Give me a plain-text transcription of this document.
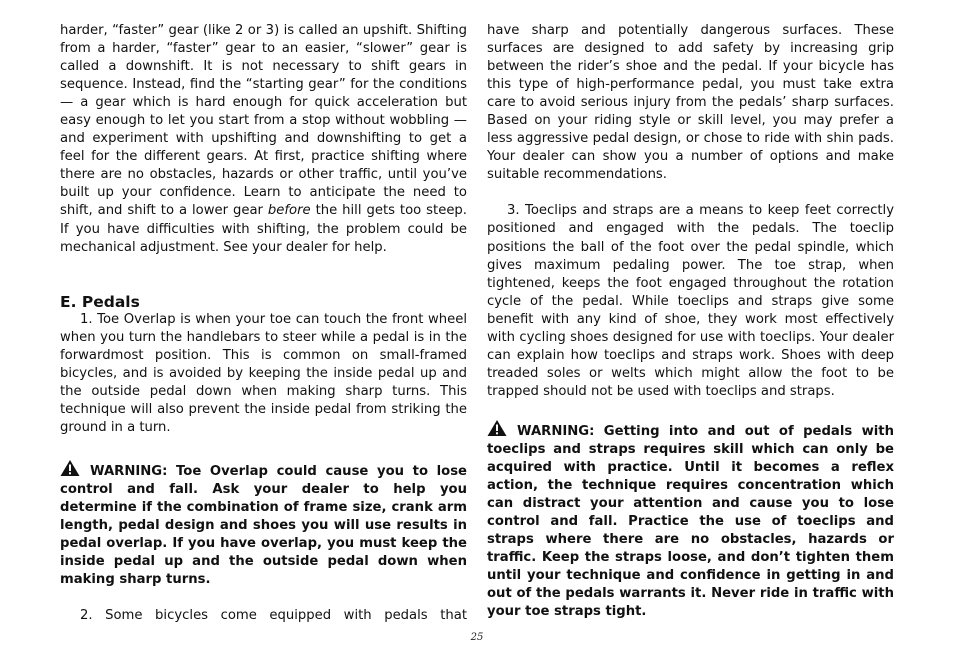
harder, “faster” gear (like 2 or 3) is called an upshift. Shifting from a harder, “faster” gear to an easier, “slower” gear is called a downshift. It is not necessary to shift gears in sequence. Instead, find the “starting gear” for the conditions — a gear which is hard enough for quick acceleration but easy enough to let you start from a stop without wobbling — and experiment with upshifting and downshifting to get a feel for the different gears. At first, practice shifting where there are no obstacles, hazards or other traffic, until you’ve built up your confidence. Learn to anticipate the need to shift, and shift to a lower gear before the hill gets too steep. If you have difficulties with shifting, the problem could be mechanical adjustment. See your dealer for help.

E. Pedals

1. Toe Overlap is when your toe can touch the front wheel when you turn the handlebars to steer while a pedal is in the forwardmost position. This is common on small-framed bicycles, and is avoided by keeping the inside pedal up and the outside pedal down when making sharp turns. This technique will also prevent the inside pedal from striking the ground in a turn.

WARNING: Toe Overlap could cause you to lose control and fall. Ask your dealer to help you determine if the combination of frame size, crank arm length, pedal design and shoes you will use results in pedal overlap. If you have overlap, you must keep the inside pedal up and the outside pedal down when making sharp turns.

2. Some bicycles come equipped with pedals that

have sharp and potentially dangerous surfaces. These surfaces are designed to add safety by increasing grip between the rider’s shoe and the pedal. If your bicycle has this type of high-performance pedal, you must take extra care to avoid serious injury from the pedals’ sharp surfaces. Based on your riding style or skill level, you may prefer a less aggressive pedal design, or chose to ride with shin pads. Your dealer can show you a number of options and make suitable recommendations.

3. Toeclips and straps are a means to keep feet correctly positioned and engaged with the pedals. The toeclip positions the ball of the foot over the pedal spindle, which gives maximum pedaling power. The toe strap, when tightened, keeps the foot engaged throughout the rotation cycle of the pedal. While toeclips and straps give some benefit with any kind of shoe, they work most effectively with cycling shoes designed for use with toeclips. Your dealer can explain how toeclips and straps work. Shoes with deep treaded soles or welts which might allow the foot to be trapped should not be used with toeclips and straps.

WARNING: Getting into and out of pedals with toeclips and straps requires skill which can only be acquired with practice. Until it becomes a reflex action, the technique requires concentration which can distract your attention and cause you to lose control and fall. Practice the use of toeclips and straps where there are no obstacles, hazards or traffic. Keep the straps loose, and don’t tighten them until your technique and confidence in getting in and out of the pedals warrants it. Never ride in traffic with your toe straps tight.

25
